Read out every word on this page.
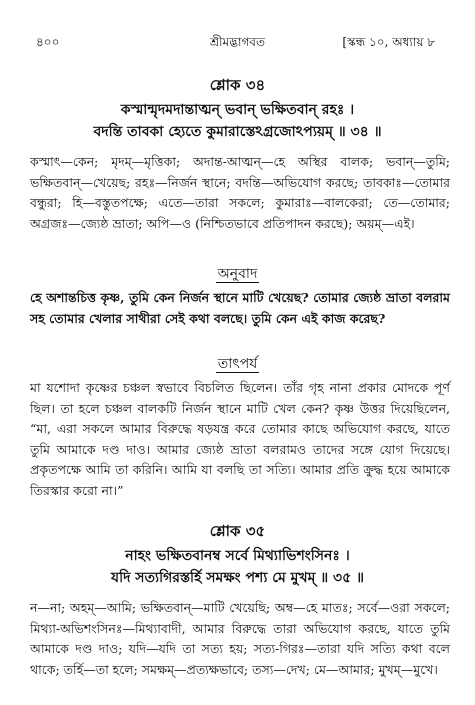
৪০০	শ্রীমদ্ভাগবত	[স্কন্ধ ১০, অধ্যায় ৮
শ্লোক ৩৪
কস্মান্মৃদমদান্তাত্মন্ ভবান্ ভক্ষিতবান্ রহঃ ।
বদন্তি তাবকা হ্যেতে কুমারাস্তেঽগ্রজোঽপ্যয়ম্ ॥ ৩৪ ॥
কস্মাৎ—কেন; মৃদম্—মৃত্তিকা; অদান্ত-আত্মন্—হে অস্থির বালক; ভবান্—তুমি; ভক্ষিতবান্—খেয়েছ; রহঃ—নির্জন স্থানে; বদন্তি—অভিযোগ করছে; তাবকাঃ—তোমার বন্ধুরা; হি—বস্তুতপক্ষে; এতে—তারা সকলে; কুমারাঃ—বালকেরা; তে—তোমার; অগ্রজঃ—জ্যেষ্ঠ ভ্রাতা; অপি—ও (নিশ্চিতভাবে প্রতিপাদন করছে); অয়ম্—এই।
অনুবাদ
হে অশান্তচিত্ত কৃষ্ণ, তুমি কেন নির্জন স্থানে মাটি খেয়েছ? তোমার জ্যেষ্ঠ ভ্রাতা বলরাম সহ তোমার খেলার সাথীরা সেই কথা বলছে। তুমি কেন এই কাজ করেছ?
তাৎপর্য
মা যশোদা কৃষ্ণের চঞ্চল স্বভাবে বিচলিত ছিলেন। তাঁর গৃহ নানা প্রকার মোদকে পূর্ণ ছিল। তা হলে চঞ্চল বালকটি নির্জন স্থানে মাটি খেল কেন? কৃষ্ণ উত্তর দিয়েছিলেন, “মা, এরা সকলে আমার বিরুদ্ধে ষড়যন্ত্র করে তোমার কাছে অভিযোগ করছে, যাতে তুমি আমাকে দণ্ড দাও। আমার জ্যেষ্ঠ ভ্রাতা বলরামও তাদের সঙ্গে যোগ দিয়েছে। প্রকৃতপক্ষে আমি তা করিনি। আমি যা বলছি তা সত্যি। আমার প্রতি ক্রুদ্ধ হয়ে আমাকে তিরস্কার করো না।”
শ্লোক ৩৫
নাহং ভক্ষিতবানম্ব সর্বে মিথ্যাভিশংসিনঃ ।
যদি সত্যগিরস্তর্হি সমক্ষং পশ্য মে মুখম্ ॥ ৩৫ ॥
ন—না; অহম্—আমি; ভক্ষিতবান্—মাটি খেয়েছি; অম্ব—হে মাতঃ; সর্বে—ওরা সকলে; মিথ্যা-অভিশংসিনঃ—মিথ্যাবাদী, আমার বিরুদ্ধে তারা অভিযোগ করছে, যাতে তুমি আমাকে দণ্ড দাও; যদি—যদি তা সত্য হয়; সত্য-গিরঃ—তারা যদি সত্যি কথা বলে থাকে; তর্হি—তা হলে; সমক্ষম্—প্রত্যক্ষভাবে; তস্য—দেখ; মে—আমার; মুখম্—মুখে।
